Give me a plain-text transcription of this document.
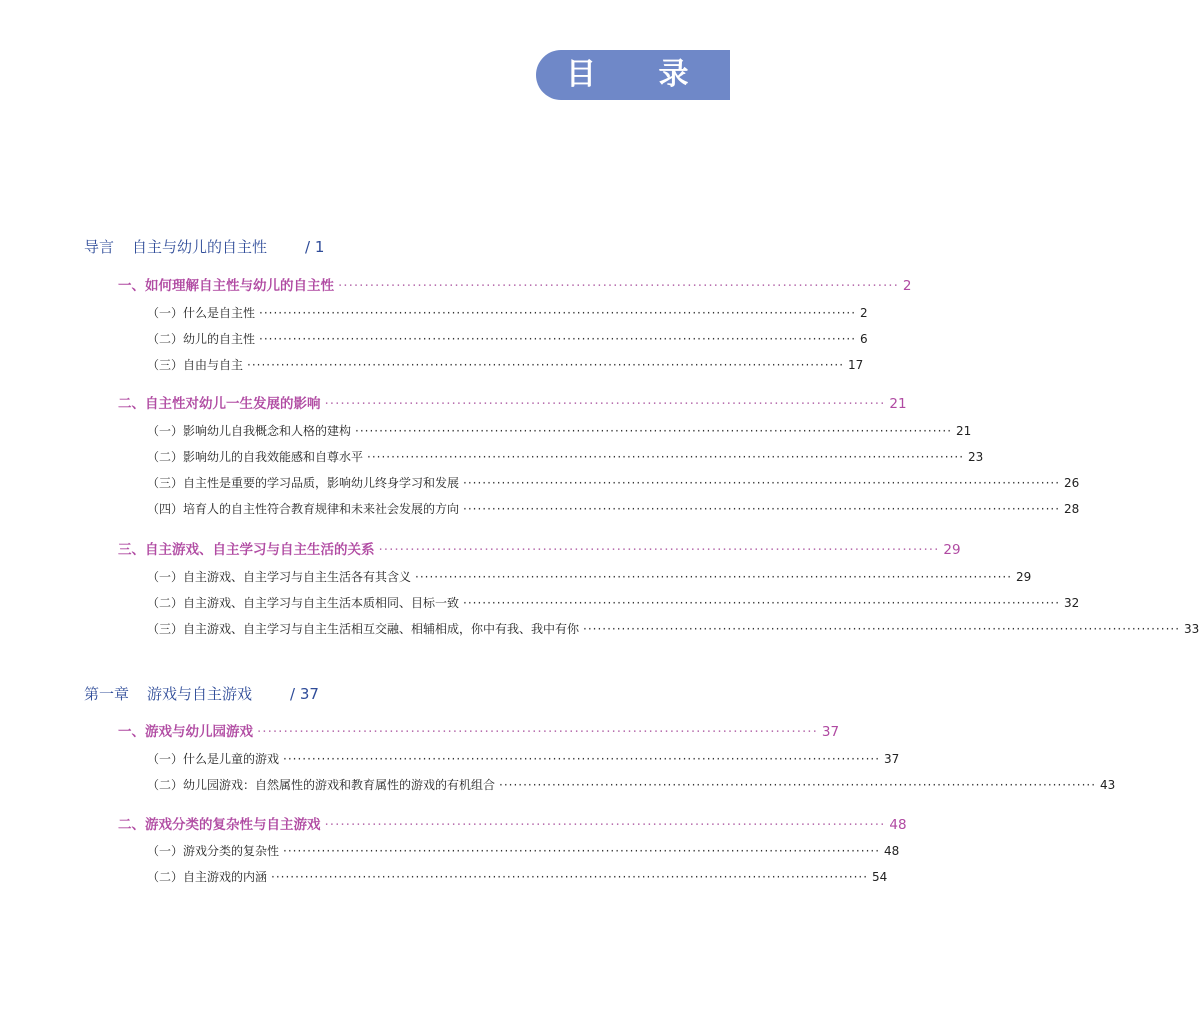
目 录
导言 自主与幼儿的自主性	/ 1
一、如何理解自主性与幼儿的自主性 ·········································································································· 2
（一）什么是自主性 ···························································································································· 2
（二）幼儿的自主性 ···························································································································· 6
（三）自由与自主 ···························································································································· 17
二、自主性对幼儿一生发展的影响 ·········································································································· 21
（一）影响幼儿自我概念和人格的建构 ···························································································································· 21
（二）影响幼儿的自我效能感和自尊水平 ···························································································································· 23
（三）自主性是重要的学习品质，影响幼儿终身学习和发展 ···························································································································· 26
（四）培育人的自主性符合教育规律和未来社会发展的方向 ···························································································································· 28
三、自主游戏、自主学习与自主生活的关系 ·········································································································· 29
（一）自主游戏、自主学习与自主生活各有其含义 ···························································································································· 29
（二）自主游戏、自主学习与自主生活本质相同、目标一致 ···························································································································· 32
（三）自主游戏、自主学习与自主生活相互交融、相辅相成，你中有我、我中有你 ···························································································································· 33
第一章 游戏与自主游戏	/ 37
一、游戏与幼儿园游戏 ·········································································································· 37
（一）什么是儿童的游戏 ···························································································································· 37
（二）幼儿园游戏：自然属性的游戏和教育属性的游戏的有机组合 ···························································································································· 43
二、游戏分类的复杂性与自主游戏 ·········································································································· 48
（一）游戏分类的复杂性 ···························································································································· 48
（二）自主游戏的内涵 ···························································································································· 54
